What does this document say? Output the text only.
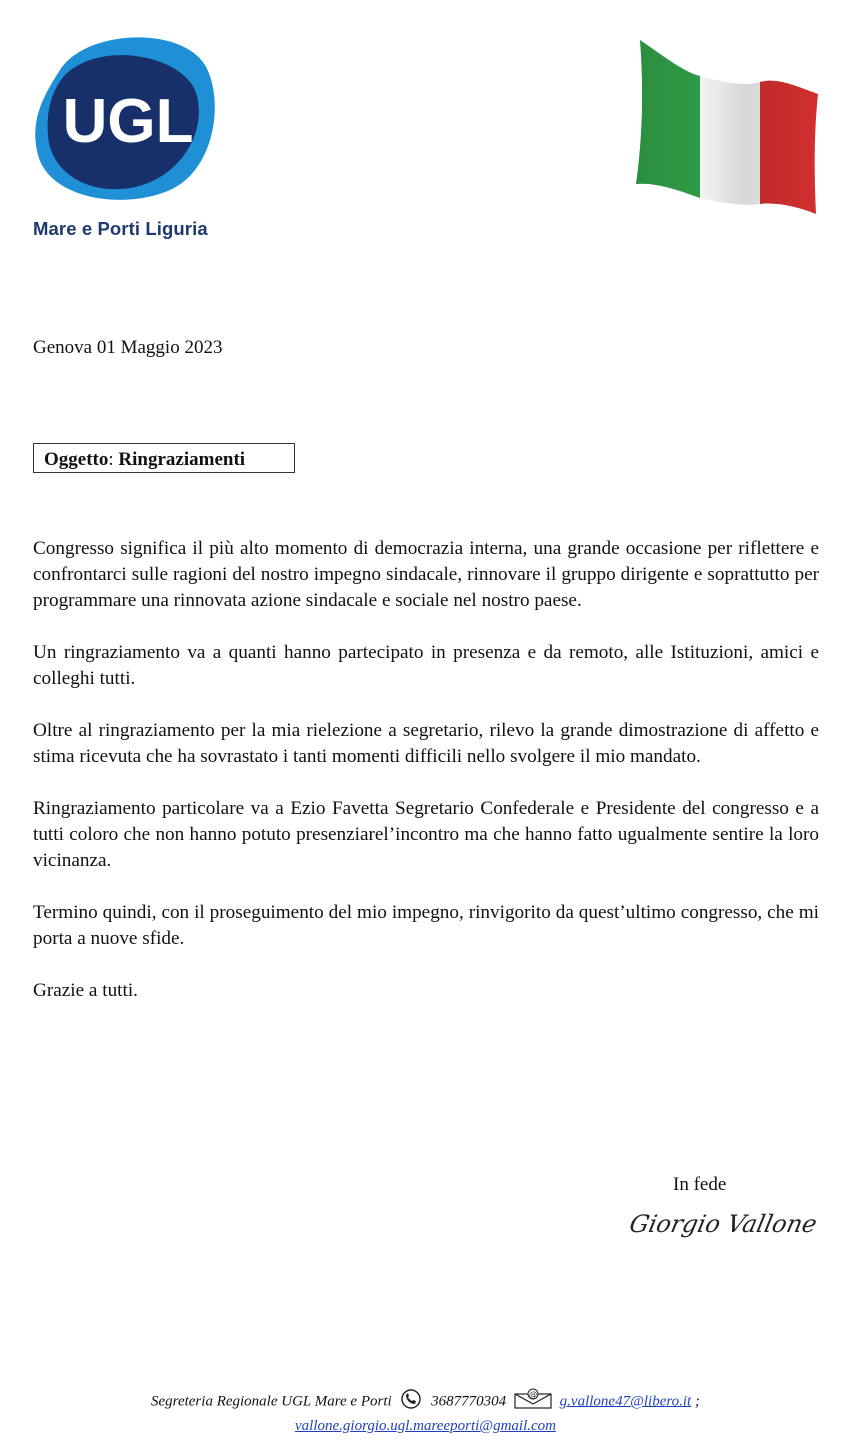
UGL
Mare e Porti Liguria
Genova 01 Maggio 2023
Oggetto: Ringraziamenti

Congresso significa il più alto momento di democrazia interna, una grande occasione per riflettere e confrontarci sulle ragioni del nostro impegno sindacale, rinnovare il gruppo dirigente e soprattutto per programmare una rinnovata azione sindacale e sociale nel nostro paese.

Un ringraziamento va a quanti hanno partecipato in presenza e da remoto, alle Istituzioni, amici e colleghi tutti.

Oltre al ringraziamento per la mia rielezione a segretario, rilevo la grande dimostrazione di affetto e stima ricevuta che ha sovrastato i tanti momenti difficili nello svolgere il mio mandato.

Ringraziamento particolare va a Ezio Favetta Segretario Confederale e Presidente del congresso e a tutti coloro che non hanno potuto presenziarel’incontro ma che hanno fatto ugualmente sentire la loro vicinanza.

Termino quindi, con il proseguimento del mio impegno, rinvigorito da quest’ultimo congresso, che mi porta a nuove sfide.

Grazie a tutti.

In fede
Giorgio Vallone
Segreteria Regionale UGL Mare e Porti	3687770304	@ g.vallone47@libero.it ;
vallone.giorgio.ugl.mareeporti@gmail.com
